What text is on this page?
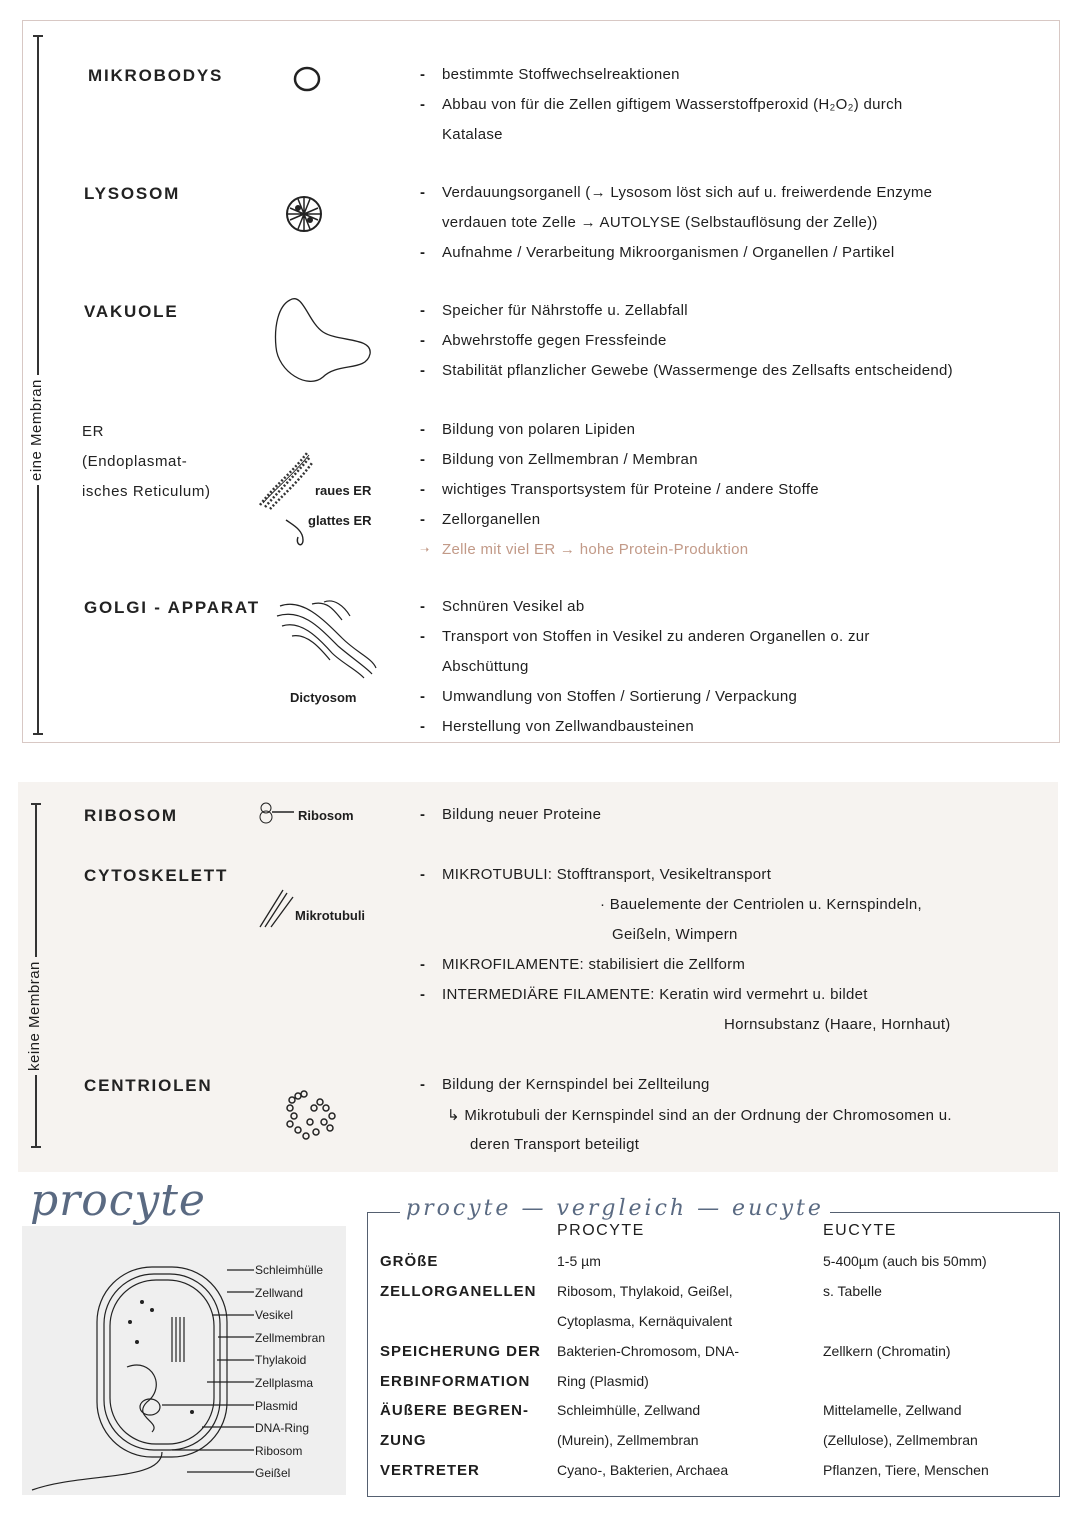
eine Membran
keine Membran
MIKROBODYS	- bestimmte Stoffwechselreaktionen
- Abbau von für die Zellen giftigem Wasserstoffperoxid (H₂O₂) durch
Katalase
LYSOSOM	- Verdauungsorganell (→ Lysosom löst sich auf u. freiwerdende Enzyme
verdauen tote Zelle → AUTOLYSE (Selbstauflösung der Zelle))
- Aufnahme / Verarbeitung Mikroorganismen / Organellen / Partikel
VAKUOLE	- Speicher für Nährstoffe u. Zellabfall
- Abwehrstoffe gegen Fressfeinde
- Stabilität pflanzlicher Gewebe (Wassermenge des Zellsafts entscheidend)
ER
(Endoplasmat-
isches Reticulum)
- Bildung von polaren Lipiden
- Bildung von Zellmembran / Membran
- wichtiges Transportsystem für Proteine / andere Stoffe
- Zellorganellen
➝ Zelle mit viel ER → hohe Protein-Produktion
raues ER
glattes ER
GOLGI - APPARAT	- Schnüren Vesikel ab
- Transport von Stoffen in Vesikel zu anderen Organellen o. zur
Abschüttung
- Umwandlung von Stoffen / Sortierung / Verpackung
- Herstellung von Zellwandbausteinen
Dictyosom
RIBOSOM	- Bildung neuer Proteine
Ribosom
CYTOSKELETT	- MIKROTUBULI: Stofftransport, Vesikeltransport
· Bauelemente der Centriolen u. Kernspindeln,
Geißeln, Wimpern
- MIKROFILAMENTE: stabilisiert die Zellform
- INTERMEDIÄRE FILAMENTE: Keratin wird vermehrt u. bildet
Hornsubstanz (Haare, Hornhaut)
Mikrotubuli
CENTRIOLEN	- Bildung der Kernspindel bei Zellteilung
↳ Mikrotubuli der Kernspindel sind an der Ordnung der Chromosomen u.
deren Transport beteiligt
procyte
Schleimhülle
Zellwand
Vesikel
Zellmembran
Thylakoid
Zellplasma
Plasmid
DNA-Ring
Ribosom
Geißel
procyte — vergleich — eucyte
PROCYTE	EUCYTE
GRÖßE	1-5 µm	5-400µm (auch bis 50mm)
ZELLORGANELLEN Ribosom, Thylakoid, Geißel,	s. Tabelle
Cytoplasma, Kernäquivalent
SPEICHERUNG DER Bakterien-Chromosom, DNA-	Zellkern (Chromatin)
ERBINFORMATION Ring (Plasmid)
ÄUßERE BEGREN- Schleimhülle, Zellwand	Mittelamelle, Zellwand
ZUNG	(Murein), Zellmembran	(Zellulose), Zellmembran
VERTRETER	Cyano-, Bakterien, Archaea	Pflanzen, Tiere, Menschen
